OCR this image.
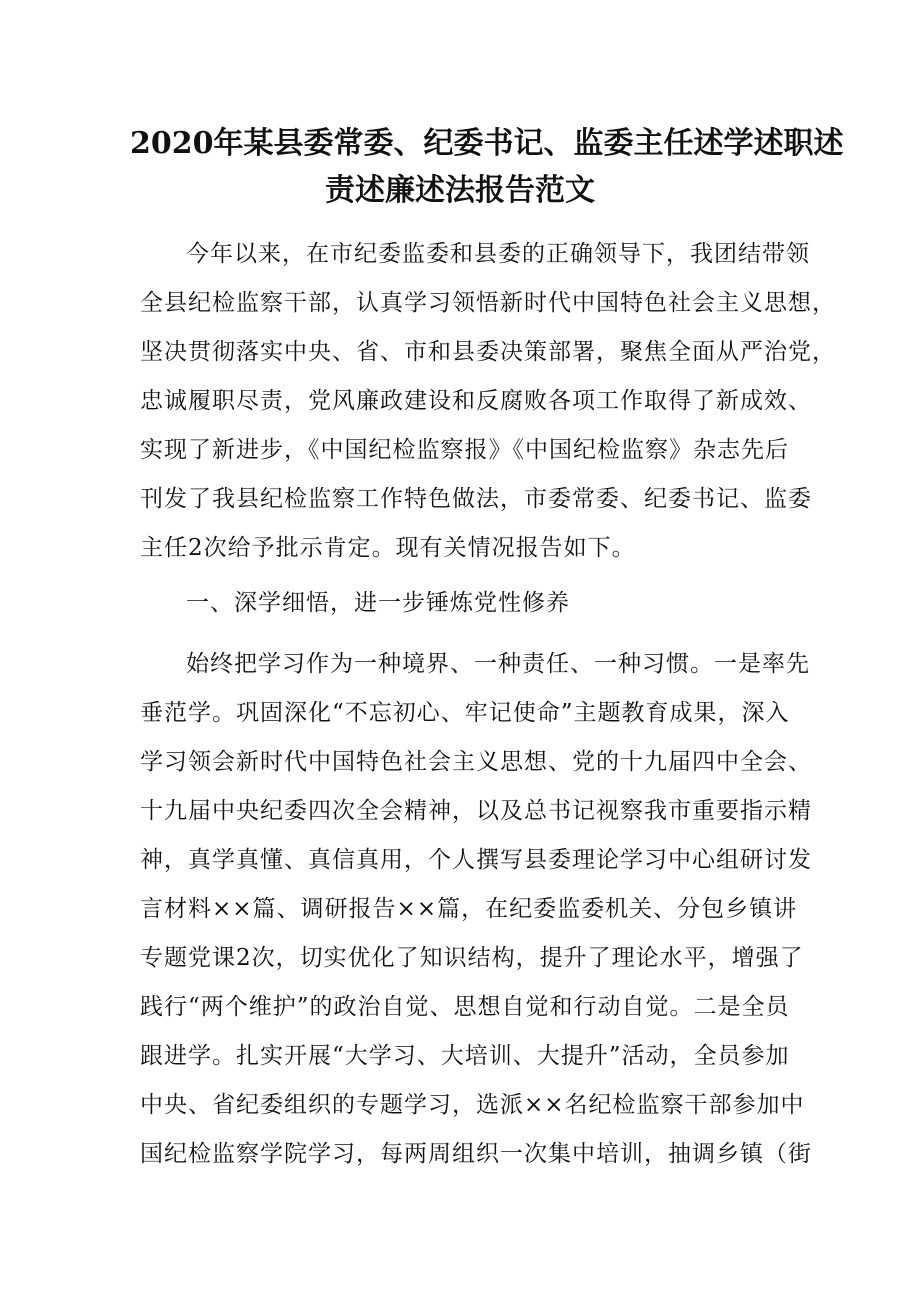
2020年某县委常委、纪委书记、监委主任述学述职述
责述廉述法报告范文
今年以来，在市纪委监委和县委的正确领导下，我团结带领
全县纪检监察干部，认真学习领悟新时代中国特色社会主义思想，
坚决贯彻落实中央、省、市和县委决策部署，聚焦全面从严治党，
忠诚履职尽责，党风廉政建设和反腐败各项工作取得了新成效、
实现了新进步，《中国纪检监察报》《中国纪检监察》杂志先后
刊发了我县纪检监察工作特色做法，市委常委、纪委书记、监委
主任2次给予批示肯定。现有关情况报告如下。
一、深学细悟，进一步锤炼党性修养
始终把学习作为一种境界、一种责任、一种习惯。一是率先
垂范学。巩固深化“不忘初心、牢记使命”主题教育成果，深入
学习领会新时代中国特色社会主义思想、党的十九届四中全会、
十九届中央纪委四次全会精神，以及总书记视察我市重要指示精
神，真学真懂、真信真用，个人撰写县委理论学习中心组研讨发
言材料××篇、调研报告××篇，在纪委监委机关、分包乡镇讲
专题党课2次，切实优化了知识结构，提升了理论水平，增强了
践行“两个维护”的政治自觉、思想自觉和行动自觉。二是全员
跟进学。扎实开展“大学习、大培训、大提升”活动，全员参加
中央、省纪委组织的专题学习，选派××名纪检监察干部参加中
国纪检监察学院学习，每两周组织一次集中培训，抽调乡镇（街
